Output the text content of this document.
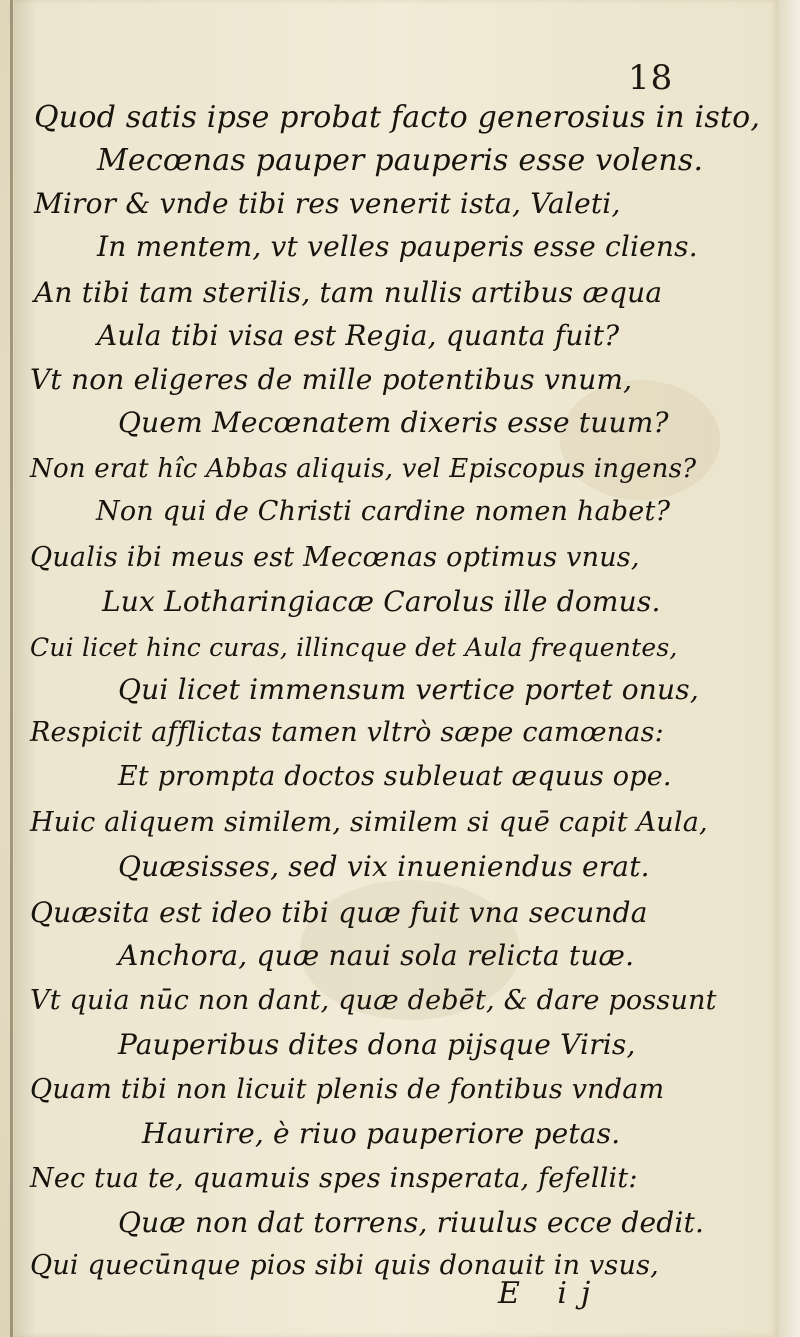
18
Quod satis ipse probat facto generosius in isto,
Mecœnas pauper pauperis esse volens.
Miror & vnde tibi res venerit ista, Valeti,
In mentem, vt velles pauperis esse cliens.
An tibi tam sterilis, tam nullis artibus æqua
Aula tibi visa est Regia, quanta fuit?
Vt non eligeres de mille potentibus vnum,
Quem Mecœnatem dixeris esse tuum?
Non erat hîc Abbas aliquis, vel Episcopus ingens?
Non qui de Christi cardine nomen habet?
Qualis ibi meus est Mecœnas optimus vnus,
Lux Lotharingiacæ Carolus ille domus.
Cui licet hinc curas, illincque det Aula frequentes,
Qui licet immensum vertice portet onus,
Respicit afflictas tamen vltrò sæpe camœnas:
Et prompta doctos subleuat æquus ope.
Huic aliquem similem, similem si quē capit Aula,
Quæsisses, sed vix inueniendus erat.
Quæsita est ideo tibi quæ fuit vna secunda
Anchora, quæ naui sola relicta tuæ.
Vt quia nūc non dant, quæ debēt, & dare possunt
Pauperibus dites dona pijsque Viris,
Quam tibi non licuit plenis de fontibus vndam
Haurire, è riuo pauperiore petas.
Nec tua te, quamuis spes insperata, fefellit:
Quæ non dat torrens, riuulus ecce dedit.
Qui quecūnque pios sibi quis donauit in vsus,
E ij
